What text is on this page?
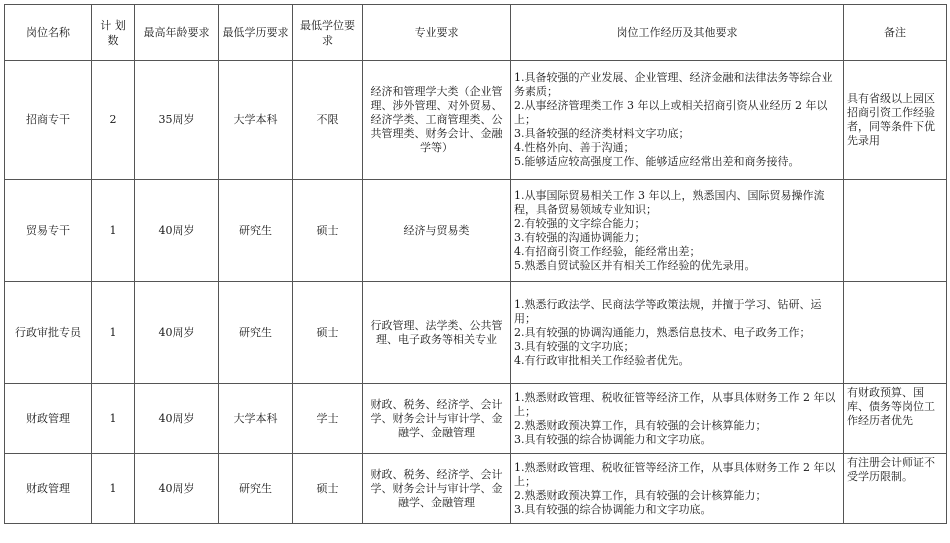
岗位名称	计 划 数	最高年龄要求	最低学历要求	最低学位要求	专业要求	岗位工作经历及其他要求	备注
招商专干	2	35周岁	大学本科	不限	经济和管理学大类（企业管理、涉外管理、对外贸易、经济学类、工商管理类、公共管理类、财务会计、金融学等）	1.具备较强的产业发展、企业管理、经济金融和法律法务等综合业务素质；
2.从事经济管理类工作 3 年以上或相关招商引资从业经历 2 年以上；
3.具备较强的经济类材料文字功底；
4.性格外向、善于沟通；
5.能够适应较高强度工作、能够适应经常出差和商务接待。	具有省级以上园区招商引资工作经验者，同等条件下优先录用
贸易专干	1	40周岁	研究生	硕士	经济与贸易类	1.从事国际贸易相关工作 3 年以上，熟悉国内、国际贸易操作流程，具备贸易领域专业知识；
2.有较强的文字综合能力；
3.有较强的沟通协调能力；
4.有招商引资工作经验，能经常出差；
5.熟悉自贸试验区并有相关工作经验的优先录用。	

行政审批专员	1	40周岁	研究生	硕士	行政管理、法学类、公共管理、电子政务等相关专业	1.熟悉行政法学、民商法学等政策法规，并擅于学习、钻研、运用；
2.具有较强的协调沟通能力，熟悉信息技术、电子政务工作；
3.具有较强的文字功底；
4.有行政审批相关工作经验者优先。	

财政管理	1	40周岁	大学本科	学士	财政、税务、经济学、会计学、财务会计与审计学、金融学、金融管理	1.熟悉财政管理、税收征管等经济工作，从事具体财务工作 2 年以上；
2.熟悉财政预决算工作，具有较强的会计核算能力；
3.具有较强的综合协调能力和文字功底。	有财政预算、国库、债务等岗位工作经历者优先
财政管理	1	40周岁	研究生	硕士	财政、税务、经济学、会计学、财务会计与审计学、金融学、金融管理	1.熟悉财政管理、税收征管等经济工作，从事具体财务工作 2 年以上；
2.熟悉财政预决算工作，具有较强的会计核算能力；
3.具有较强的综合协调能力和文字功底。	有注册会计师证不受学历限制。
